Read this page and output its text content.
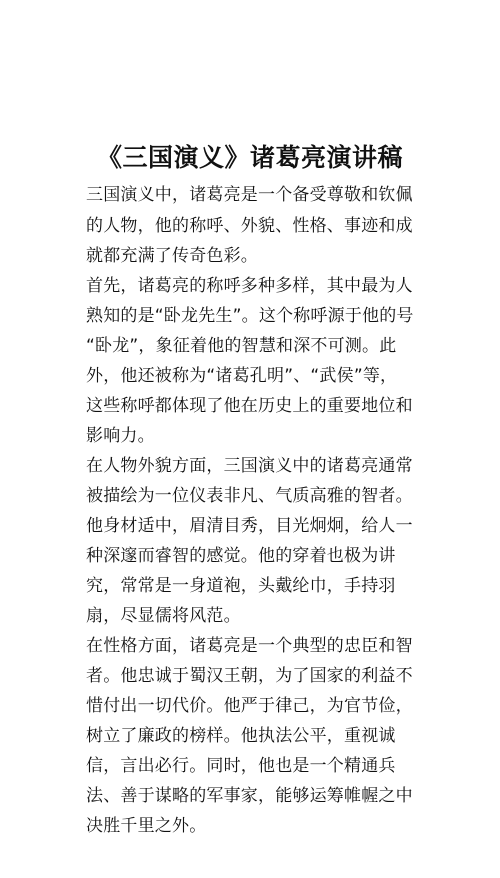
《三国演义》诸葛亮演讲稿

三国演义中，诸葛亮是一个备受尊敬和钦佩

的人物，他的称呼、外貌、性格、事迹和成

就都充满了传奇色彩。

首先，诸葛亮的称呼多种多样，其中最为人

熟知的是“卧龙先生”。这个称呼源于他的号

“卧龙”，象征着他的智慧和深不可测。此

外，他还被称为“诸葛孔明”、“武侯”等，

这些称呼都体现了他在历史上的重要地位和

影响力。

在人物外貌方面，三国演义中的诸葛亮通常

被描绘为一位仪表非凡、气质高雅的智者。

他身材适中，眉清目秀，目光炯炯，给人一

种深邃而睿智的感觉。他的穿着也极为讲

究，常常是一身道袍，头戴纶巾，手持羽

扇，尽显儒将风范。

在性格方面，诸葛亮是一个典型的忠臣和智

者。他忠诚于蜀汉王朝，为了国家的利益不

惜付出一切代价。他严于律己，为官节俭，

树立了廉政的榜样。他执法公平，重视诚

信，言出必行。同时，他也是一个精通兵

法、善于谋略的军事家，能够运筹帷幄之中

决胜千里之外。
